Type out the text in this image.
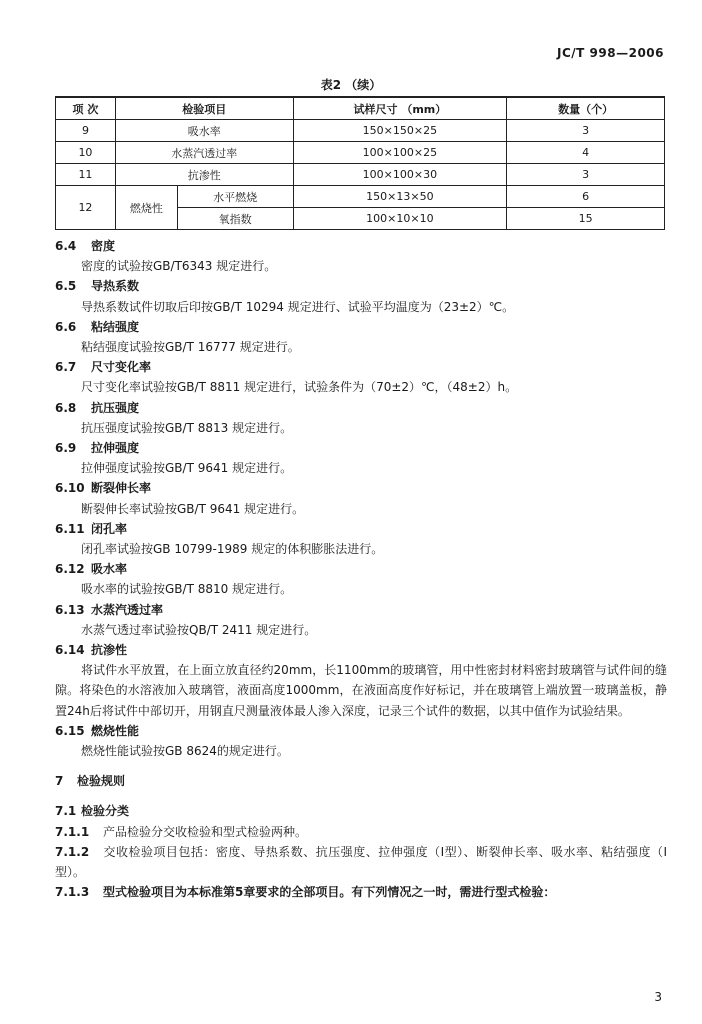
JC/T 998—2006
表2 （续）
项 次	检验项目		试样尺寸 （mm）	数量（个）
9	吸水率		150×150×25	3
10	水蒸汽透过率		100×100×25	4
11	抗渗性		100×100×30	3
12	燃烧性	水平燃烧	150×13×50	6
		氧指数	100×10×10	15
6.4 密度
密度的试验按GB/T6343 规定进行。
6.5 导热系数
导热系数试件切取后印按GB/T 10294 规定进行、试验平均温度为（23±2）℃。
6.6 粘结强度
粘结强度试验按GB/T 16777 规定进行。
6.7 尺寸变化率
尺寸变化率试验按GB/T 8811 规定进行，试验条件为（70±2）℃，（48±2）h。
6.8 抗压强度
抗压强度试验按GB/T 8813 规定进行。
6.9 拉伸强度
拉伸强度试验按GB/T 9641 规定进行。
6.10 断裂伸长率
断裂伸长率试验按GB/T 9641 规定进行。
6.11 闭孔率
闭孔率试验按GB 10799-1989 规定的体积膨胀法进行。
6.12 吸水率
吸水率的试验按GB/T 8810 规定进行。
6.13 水蒸汽透过率
水蒸气透过率试验按QB/T 2411 规定进行。
6.14 抗渗性
将试件水平放置，在上面立放直径约20mm，长1100mm的玻璃管，用中性密封材料密封玻璃管与试件间的缝隙。将染色的水溶液加入玻璃管，液面高度1000mm，在液面高度作好标记，并在玻璃管上端放置一玻璃盖板，静置24h后将试件中部切开，用钢直尺测量液体最人渗入深度，记录三个试件的数据，以其中值作为试验结果。
6.15 燃烧性能
燃烧性能试验按GB 8624的规定进行。
7 检验规则
7.1 检验分类
7.1.1 产品检验分交收检验和型式检验两种。
7.1.2 交收检验项目包括：密度、导热系数、抗压强度、拉伸强度（Ⅰ型）、断裂伸长率、吸水率、粘结强度（Ⅰ型）。
7.1.3 型式检验项目为本标准第5章要求的全部项目。有下列情况之一时，需进行型式检验：
3
